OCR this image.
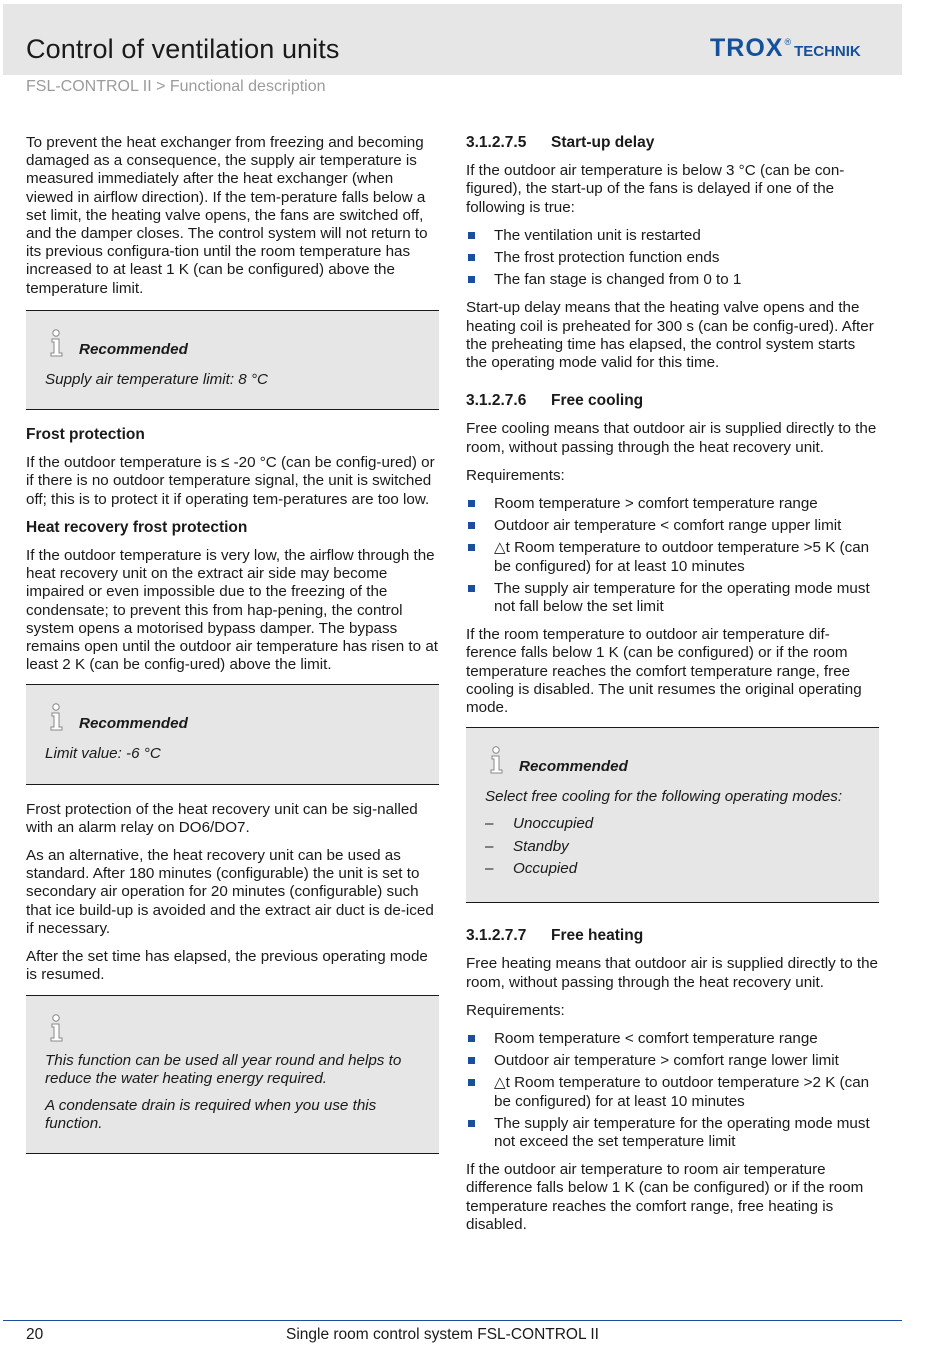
Control of ventilation units	TROX ®
TECHNIK
FSL-CONTROL II > Functional description

To prevent the heat exchanger from freezing and becoming damaged as a consequence, the supply air temperature is measured immediately after the heat exchanger (when viewed in airflow direction). If the tem-perature falls below a set limit, the heating valve opens, the fans are switched off, and the damper closes. The control system will not return to its previous configura-tion until the room temperature has increased to at least 1 K (can be configured) above the temperature limit.

Recommended

Supply air temperature limit: 8 °C

Frost protection

If the outdoor temperature is ≤ -20 °C (can be config-ured) or if there is no outdoor temperature signal, the unit is switched off; this is to protect it if operating tem-peratures are too low.

Heat recovery frost protection

If the outdoor temperature is very low, the airflow through the heat recovery unit on the extract air side may become impaired or even impossible due to the freezing of the condensate; to prevent this from hap-pening, the control system opens a motorised bypass damper. The bypass remains open until the outdoor air temperature has risen to at least 2 K (can be config-ured) above the limit.

Recommended

Limit value: -6 °C

Frost protection of the heat recovery unit can be sig-nalled with an alarm relay on DO6/DO7.

As an alternative, the heat recovery unit can be used as standard. After 180 minutes (configurable) the unit is set to secondary air operation for 20 minutes (configurable) such that ice build-up is avoided and the extract air duct is de-iced if necessary.

After the set time has elapsed, the previous operating mode is resumed.

This function can be used all year round and helps to reduce the water heating energy required.

A condensate drain is required when you use this function.

3.1.2.7.5	Start-up delay

If the outdoor air temperature is below 3 °C (can be con-figured), the start-up of the fans is delayed if one of the following is true:

The ventilation unit is restarted
The frost protection function ends
The fan stage is changed from 0 to 1

Start-up delay means that the heating valve opens and the heating coil is preheated for 300 s (can be config-ured). After the preheating time has elapsed, the control system starts the operating mode valid for this time.

3.1.2.7.6	Free cooling

Free cooling means that outdoor air is supplied directly to the room, without passing through the heat recovery unit.

Requirements:

Room temperature > comfort temperature range
Outdoor air temperature < comfort range upper limit
△t Room temperature to outdoor temperature >5 K (can be configured) for at least 10 minutes
The supply air temperature for the operating mode must not fall below the set limit

If the room temperature to outdoor air temperature dif-ference falls below 1 K (can be configured) or if the room temperature reaches the comfort temperature range, free cooling is disabled. The unit resumes the original operating mode.

Recommended

Select free cooling for the following operating modes:

– Unoccupied
– Standby
– Occupied
3.1.2.7.7	Free heating

Free heating means that outdoor air is supplied directly to the room, without passing through the heat recovery unit.

Requirements:

Room temperature < comfort temperature range
Outdoor air temperature > comfort range lower limit
△t Room temperature to outdoor temperature >2 K (can be configured) for at least 10 minutes
The supply air temperature for the operating mode must not exceed the set temperature limit

If the outdoor air temperature to room air temperature difference falls below 1 K (can be configured) or if the room temperature reaches the comfort range, free heating is disabled.

20	Single room control system FSL-CONTROL II
